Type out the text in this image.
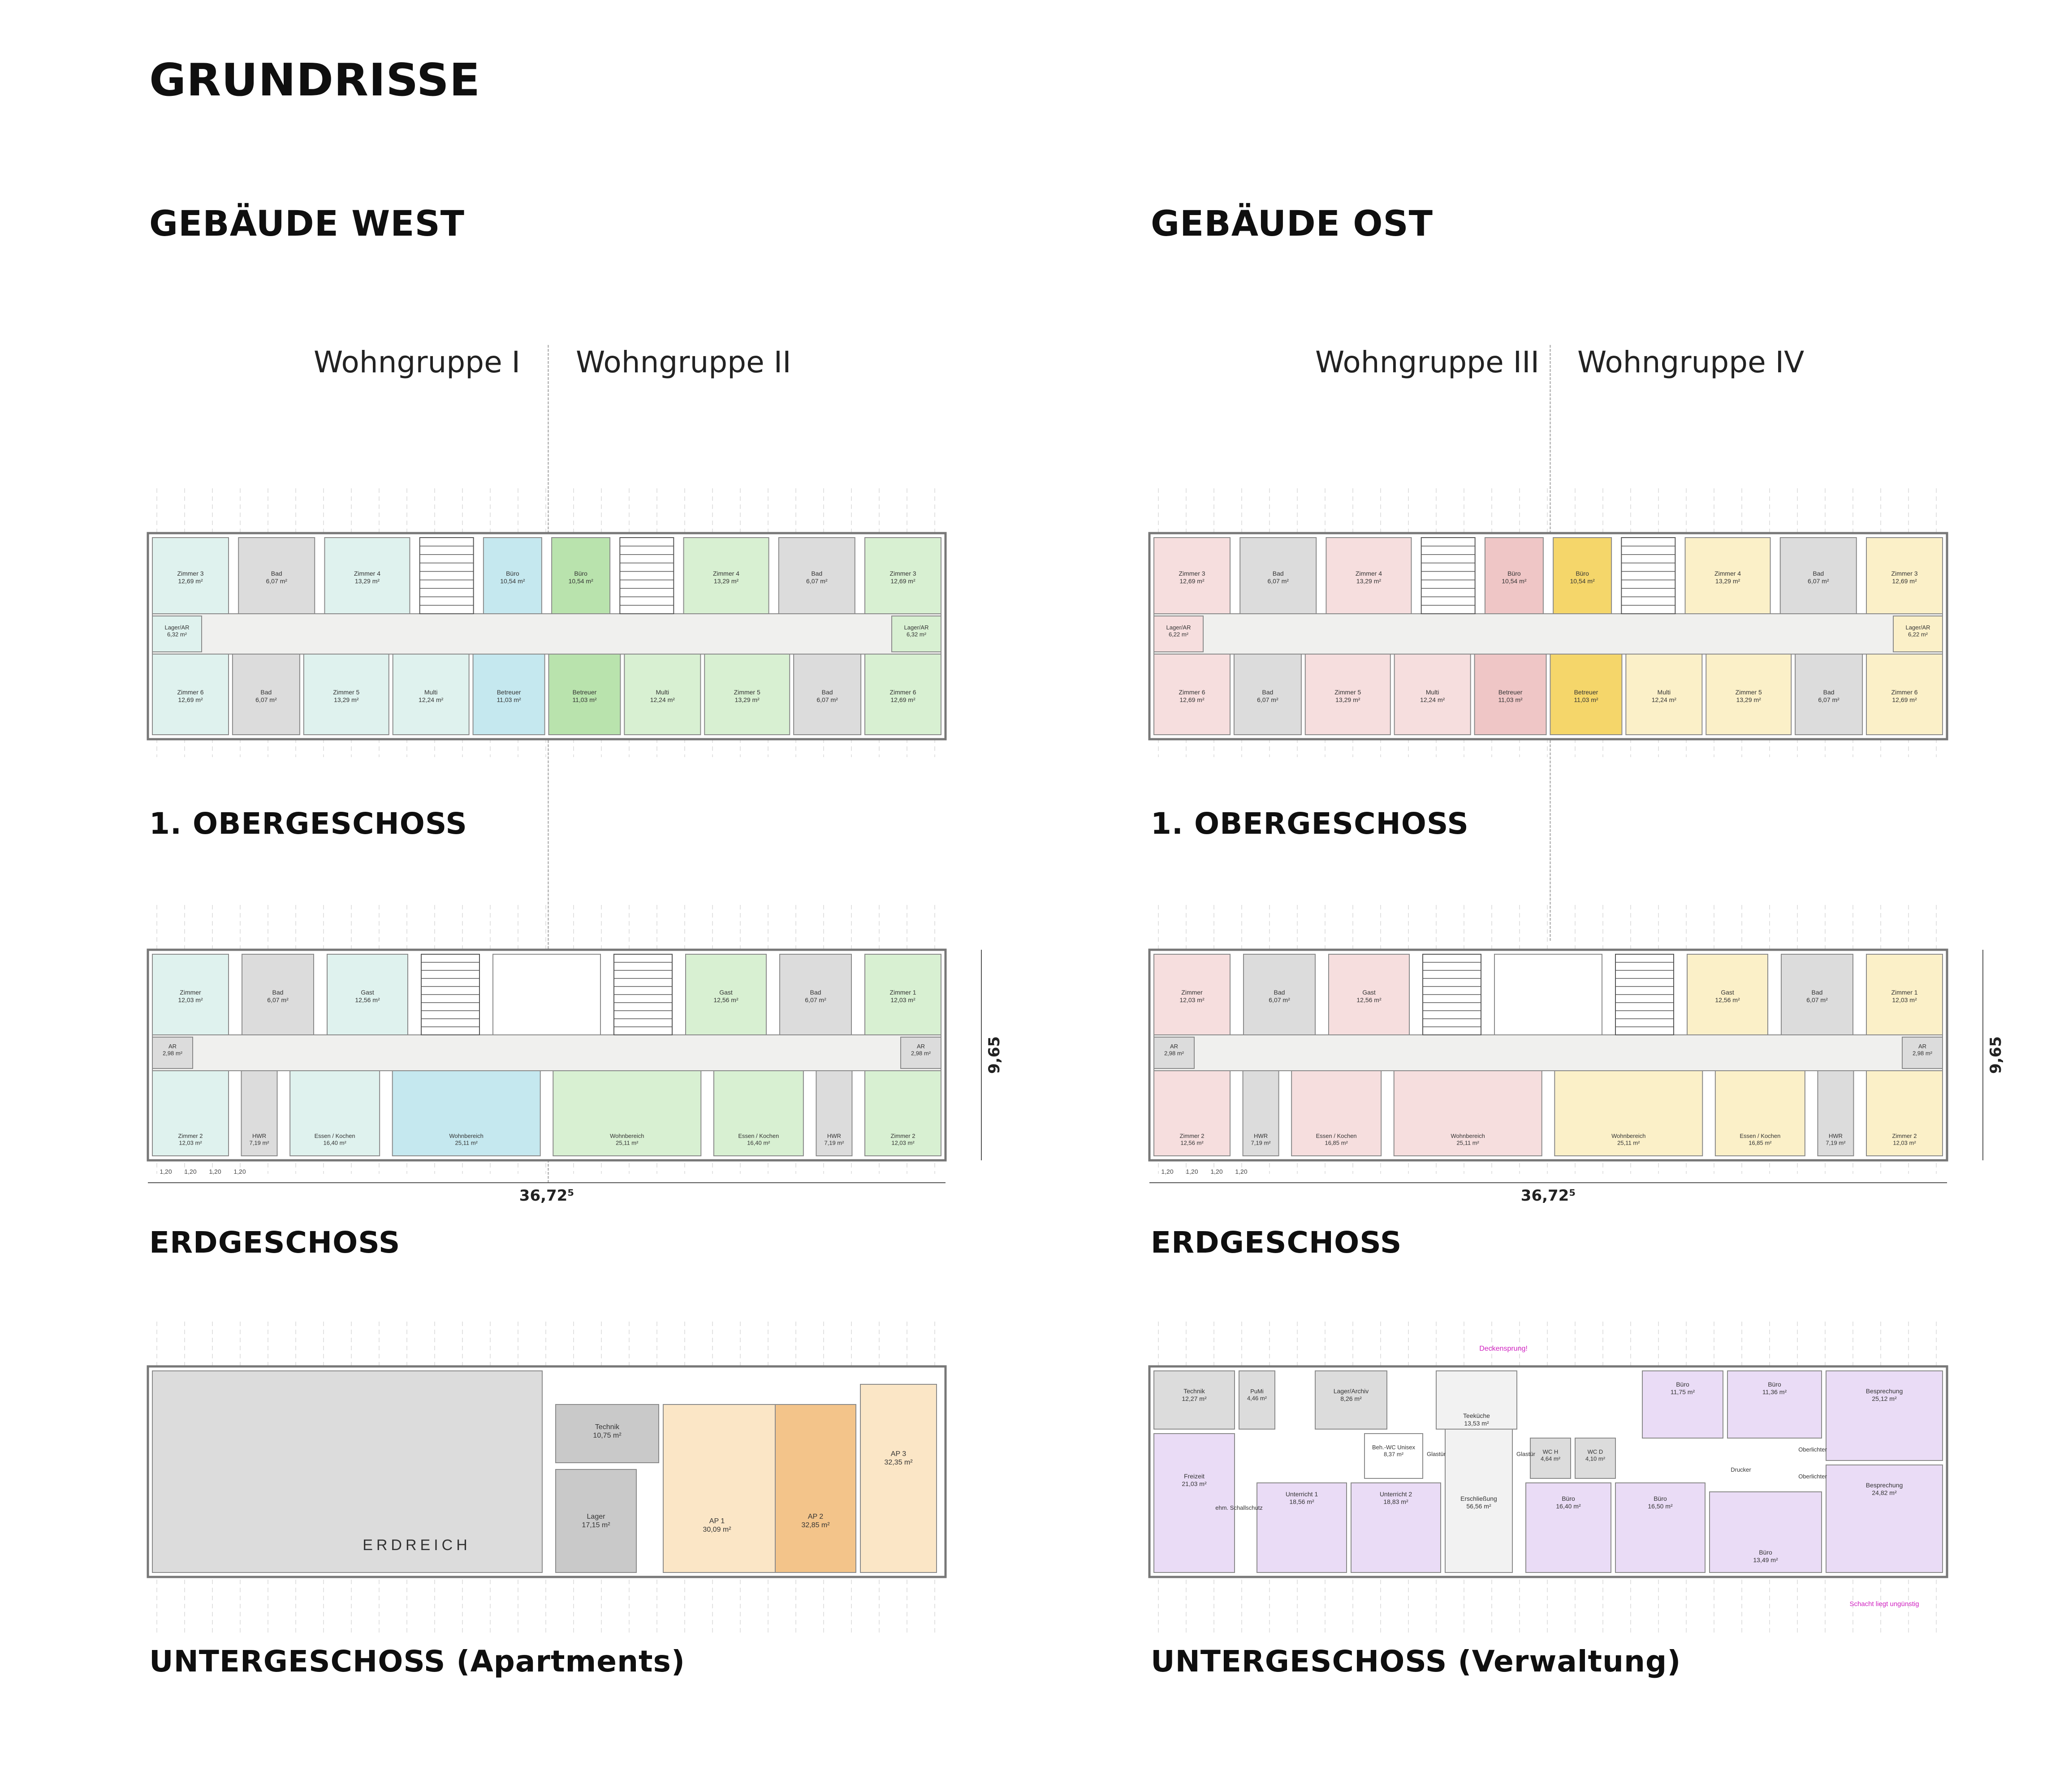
GRUNDRISSE
GEBÄUDE WEST	GEBÄUDE OST
Wohngruppe I Wohngruppe II	Wohngruppe III Wohngruppe IV
Zimmer 3 12,69 m²
Bad 6,07 m²
Zimmer 4 13,29 m²
Büro 10,54 m²
Büro 10,54 m²
Zimmer 4 13,29 m²
Bad 6,07 m²
Zimmer 3 12,69 m²
Lager/AR 6,32 m²
Lager/AR 6,32 m²
Zimmer 6 12,69 m²
Bad 6,07 m²
Zimmer 5 13,29 m²
Multi 12,24 m²
Betreuer 11,03 m²
Betreuer 11,03 m²
Multi 12,24 m²
Zimmer 5 13,29 m²
Bad 6,07 m²
Zimmer 6 12,69 m²
Zimmer 3 12,69 m²
Bad 6,07 m²
Zimmer 4 13,29 m²
Büro 10,54 m²
Büro 10,54 m²
Zimmer 4 13,29 m²
Bad 6,07 m²
Zimmer 3 12,69 m²
Lager/AR 6,22 m²
Lager/AR 6,22 m²
Zimmer 6 12,69 m²
Bad 6,07 m²
Zimmer 5 13,29 m²
Multi 12,24 m²
Betreuer 11,03 m²
Betreuer 11,03 m²
Multi 12,24 m²
Zimmer 5 13,29 m²
Bad 6,07 m²
Zimmer 6 12,69 m²
Zimmer 12,03 m²
Bad 6,07 m²
Gast 12,56 m²
Gast 12,56 m²
Bad 6,07 m²
Zimmer 1 12,03 m²
AR 2,98 m²
AR 2,98 m²
Zimmer 2 12,03 m²
HWR 7,19 m²
Essen / Kochen 16,40 m²
Wohnbereich 25,11 m²
Wohnbereich 25,11 m²
Essen / Kochen 16,40 m²
HWR 7,19 m²
Zimmer 2 12,03 m²
36,72⁵
1,20 1,20 1,20 1,20
9,65
Zimmer 12,03 m²
Bad 6,07 m²
Gast 12,56 m²
Gast 12,56 m²
Bad 6,07 m²
Zimmer 1 12,03 m²
AR 2,98 m²
AR 2,98 m²
Zimmer 2 12,56 m²
HWR 7,19 m²
Essen / Kochen 16,85 m²
Wohnbereich 25,11 m²
Wohnbereich 25,11 m²
Essen / Kochen 16,85 m²
HWR 7,19 m²
Zimmer 2 12,03 m²
36,72⁵
1,20 1,20 1,20 1,20
9,65
ERDREICH
Technik 10,75 m²
Lager 17,15 m²
AP 1 30,09 m²
AP 2 32,85 m²
AP 3 32,35 m²
Technik 12,27 m²
PuMi 4,46 m²
Lager/Archiv 8,26 m²
Teeküche 13,53 m²
Büro 11,75 m²
Büro 11,36 m²	Besprechung 25,12 m²
Freizeit 21,03 m²
Beh.-WC Unisex 8,37 m²	WC H 4,64 m²
WC D 4,10 m²
Unterricht 1 18,56 m²
Unterricht 2 18,83 m²	Erschließung 56,56 m²
Büro 16,40 m²
Büro 16,50 m²
Büro 13,49 m²
Besprechung 24,82 m²
Drucker
Oberlichter
Oberlichter
Glastür	Glastür
ehm. Schallschutz
Deckensprung!
Schacht liegt ungünstig
1. OBERGESCHOSS	1. OBERGESCHOSS
ERDGESCHOSS	ERDGESCHOSS
UNTERGESCHOSS (Apartments)	UNTERGESCHOSS (Verwaltung)
